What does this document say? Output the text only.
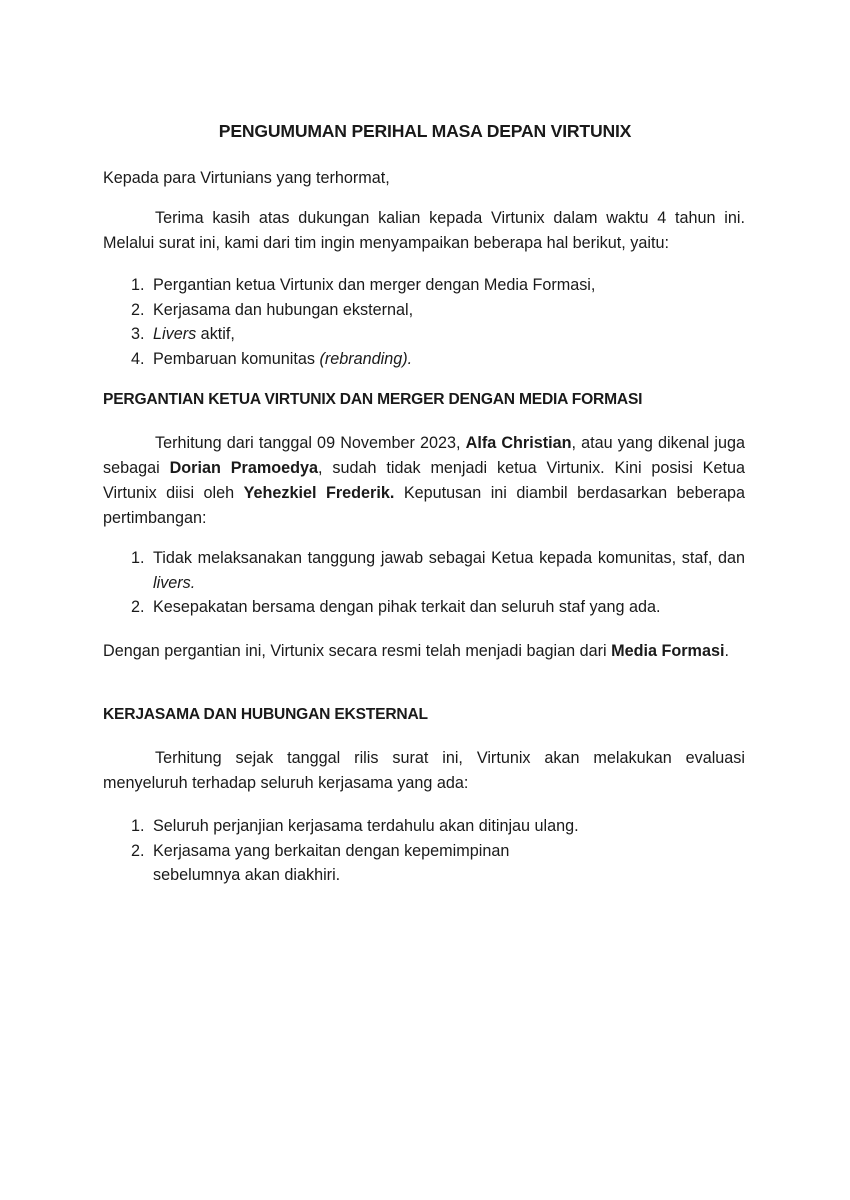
PENGUMUMAN PERIHAL MASA DEPAN VIRTUNIX
Kepada para Virtunians yang terhormat,
Terima kasih atas dukungan kalian kepada Virtunix dalam waktu 4 tahun ini. Melalui surat ini, kami dari tim ingin menyampaikan beberapa hal berikut, yaitu:
1. Pergantian ketua Virtunix dan merger dengan Media Formasi,
2. Kerjasama dan hubungan eksternal,
3. Livers aktif,
4. Pembaruan komunitas (rebranding).
PERGANTIAN KETUA VIRTUNIX DAN MERGER DENGAN MEDIA FORMASI
Terhitung dari tanggal 09 November 2023, Alfa Christian, atau yang dikenal juga sebagai Dorian Pramoedya, sudah tidak menjadi ketua Virtunix. Kini posisi Ketua Virtunix diisi oleh Yehezkiel Frederik. Keputusan ini diambil berdasarkan beberapa pertimbangan:
1. Tidak melaksanakan tanggung jawab sebagai Ketua kepada komunitas, staf, dan livers.
2. Kesepakatan bersama dengan pihak terkait dan seluruh staf yang ada.
Dengan pergantian ini, Virtunix secara resmi telah menjadi bagian dari Media Formasi.
KERJASAMA DAN HUBUNGAN EKSTERNAL
Terhitung sejak tanggal rilis surat ini, Virtunix akan melakukan evaluasi menyeluruh terhadap seluruh kerjasama yang ada:
1. Seluruh perjanjian kerjasama terdahulu akan ditinjau ulang.
2. Kerjasama yang berkaitan dengan kepemimpinan sebelumnya akan diakhiri.
